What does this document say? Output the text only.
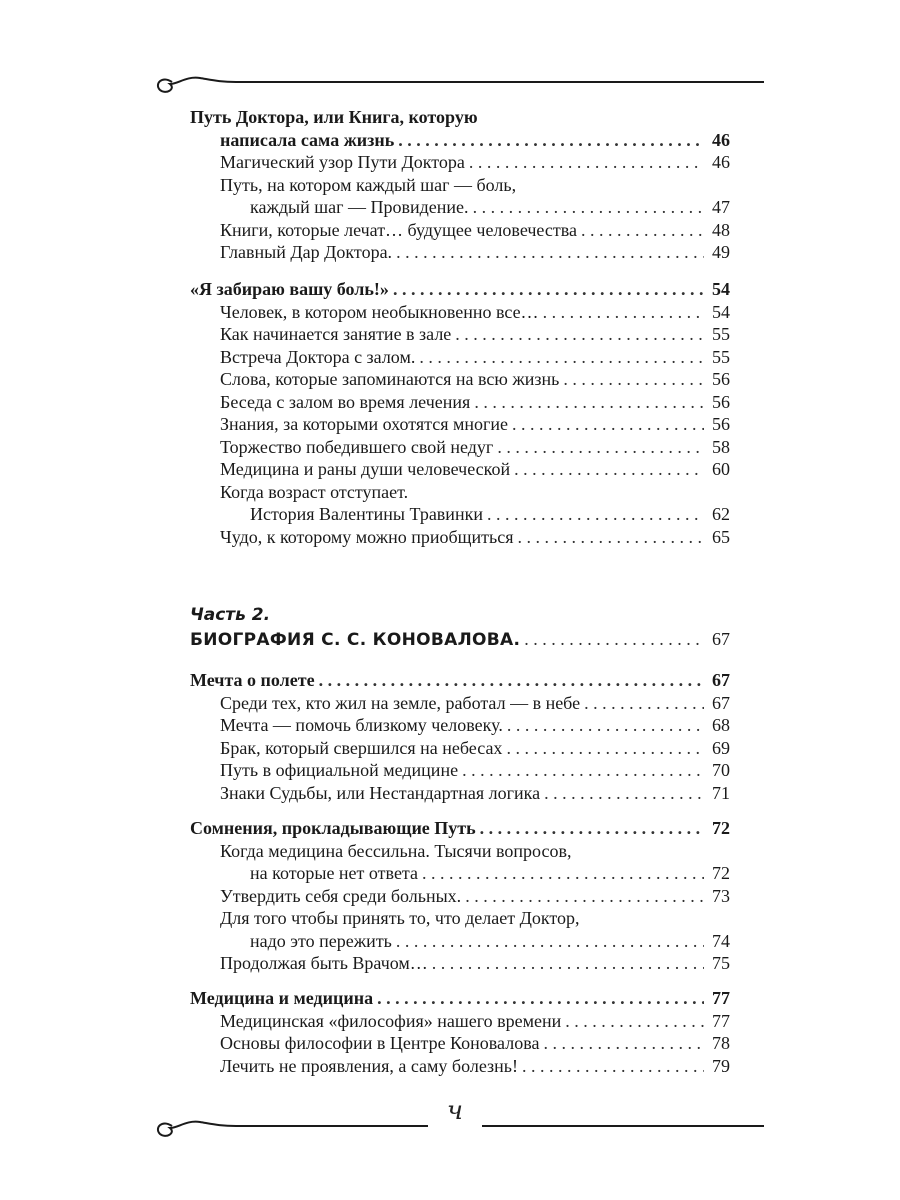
Путь Доктора, или Книга, которую
написала сама жизнь . . .	46
Магический узор Пути Доктора . . .	46
Путь, на котором каждый шаг — боль,
каждый шаг — Провидение. . . .	47
Книги, которые лечат… будущее человечества . . .	48
Главный Дар Доктора. . . .	49
«Я забираю вашу боль!» . . .	54
Человек, в котором необыкновенно все… . . .	54
Как начинается занятие в зале . . .	55
Встреча Доктора с залом. . . .	55
Слова, которые запоминаются на всю жизнь . . .	56
Беседа с залом во время лечения . . .	56
Знания, за которыми охотятся многие . . .	56
Торжество победившего свой недуг . . .	58
Медицина и раны души человеческой . . .	60
Когда возраст отступает.
История Валентины Травинки . . .	62
Чудо, к которому можно приобщиться . . .	65
Часть 2.
БИОГРАФИЯ С. С. КОНОВАЛОВА. . . .	67
Мечта о полете . . .	67
Среди тех, кто жил на земле, работал — в небе . . .	67
Мечта — помочь близкому человеку. . . .	68
Брак, который свершился на небесах . . .	69
Путь в официальной медицине . . .	70
Знаки Судьбы, или Нестандартная логика . . .	71
Сомнения, прокладывающие Путь . . .	72
Когда медицина бессильна. Тысячи вопросов,
на которые нет ответа . . .	72
Утвердить себя среди больных. . . .	73
Для того чтобы принять то, что делает Доктор,
надо это пережить . . .	74
Продолжая быть Врачом… . . .	75
Медицина и медицина . . .	77
Медицинская «философия» нашего времени . . .	77
Основы философии в Центре Коновалова . . .	78
Лечить не проявления, а саму болезнь! . . .	79
ч
